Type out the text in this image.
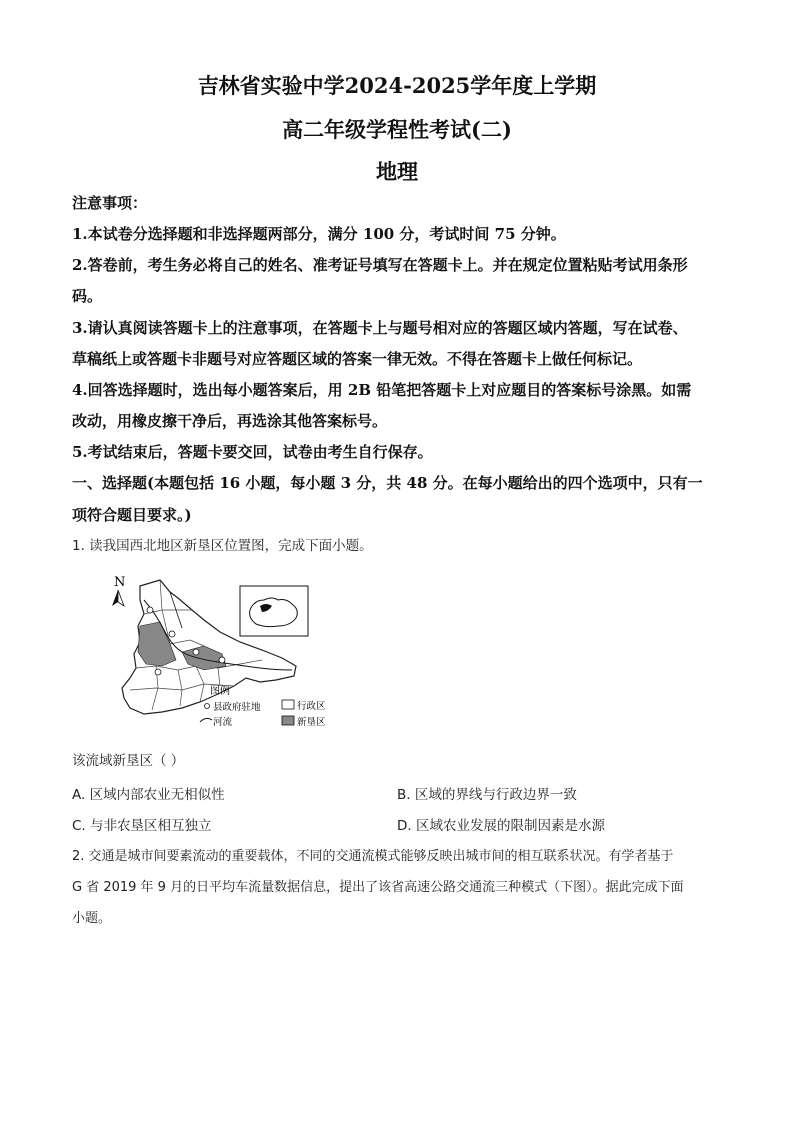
吉林省实验中学2024-2025学年度上学期
高二年级学程性考试(二)
地理
注意事项：
1.本试卷分选择题和非选择题两部分，满分 100 分，考试时间 75 分钟。
2.答卷前，考生务必将自己的姓名、准考证号填写在答题卡上。并在规定位置粘贴考试用条形
码。
3.请认真阅读答题卡上的注意事项，在答题卡上与题号相对应的答题区域内答题，写在试卷、
草稿纸上或答题卡非题号对应答题区域的答案一律无效。不得在答题卡上做任何标记。
4.回答选择题时，选出每小题答案后，用 2B 铅笔把答题卡上对应题目的答案标号涂黑。如需
改动，用橡皮擦干净后，再选涂其他答案标号。
5.考试结束后，答题卡要交回，试卷由考生自行保存。
一、选择题(本题包括 16 小题，每小题 3 分，共 48 分。在每小题给出的四个选项中，只有一
项符合题目要求。)
1. 读我国西北地区新垦区位置图，完成下面小题。
N
图例
县政府驻地	行政区
河流	新垦区
该流域新垦区（ ）
A. 区域内部农业无相似性	B. 区域的界线与行政边界一致
C. 与非农垦区相互独立	D. 区域农业发展的限制因素是水源
2. 交通是城市间要素流动的重要载体，不同的交通流模式能够反映出城市间的相互联系状况。有学者基于
G 省 2019 年 9 月的日平均车流量数据信息，提出了该省高速公路交通流三种模式（下图）。据此完成下面
小题。
